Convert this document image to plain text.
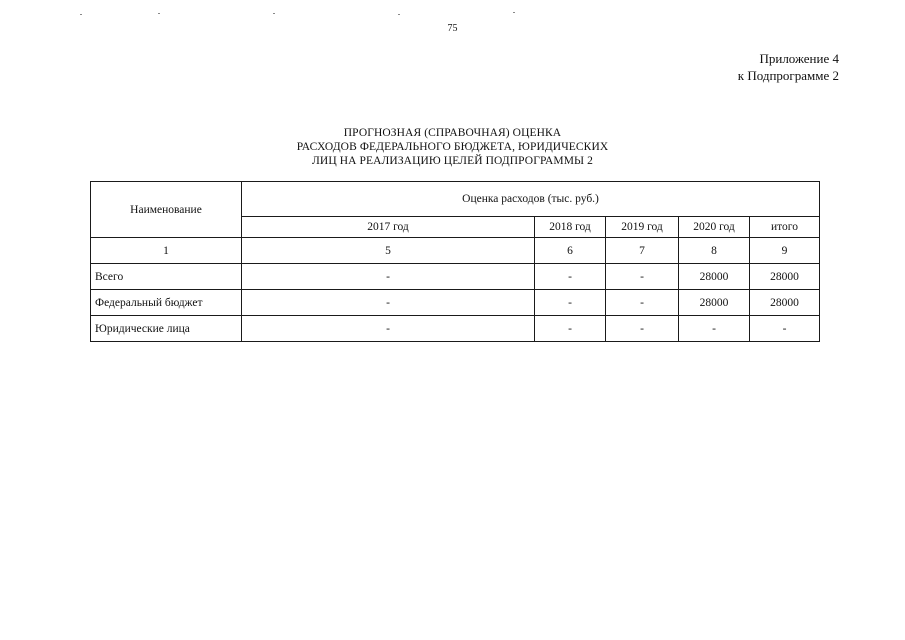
75
Приложение 4
к Подпрограмме 2
ПРОГНОЗНАЯ (СПРАВОЧНАЯ) ОЦЕНКА
РАСХОДОВ ФЕДЕРАЛЬНОГО БЮДЖЕТА, ЮРИДИЧЕСКИХ
ЛИЦ НА РЕАЛИЗАЦИЮ ЦЕЛЕЙ ПОДПРОГРАММЫ 2
Наименование	Оценка расходов (тыс. руб.)				
	2017 год	2018 год	2019 год	2020 год	итого
1	5	6	7	8	9
Всего	-	-	-	28000	28000
Федеральный бюджет	-	-	-	28000	28000
Юридические лица	-	-	-	-	-
